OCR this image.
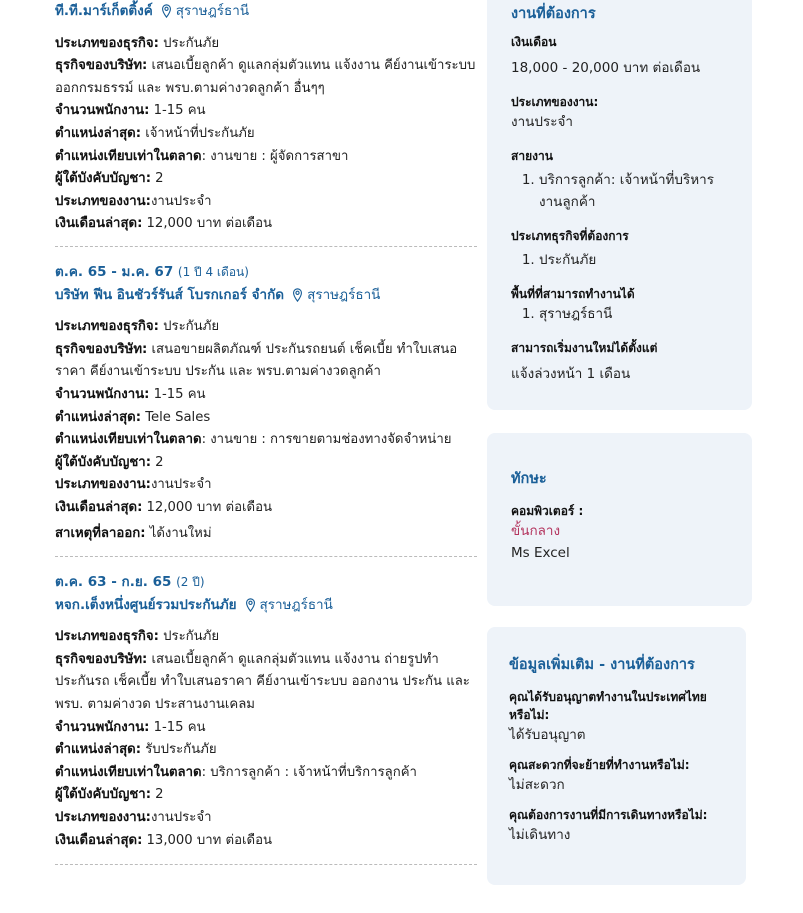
ที.ที.มาร์เก็ตติ้งค์ สุราษฎร์ธานี

ประเภทของธุรกิจ: ประกันภัย

ธุรกิจของบริษัท: เสนอเบี้ยลูกค้า ดูแลกลุ่มตัวแทน แจ้งงาน คีย์งานเข้าระบบ ออกกรมธรรม์ และ พรบ.ตามค่างวดลูกค้า อื่นๆๆ

จำนวนพนักงาน: 1-15 คน

ตำแหน่งล่าสุด: เจ้าหน้าที่ประกันภัย

ตำแหน่งเทียบเท่าในตลาด: งานขาย : ผู้จัดการสาขา

ผู้ใต้บังคับบัญชา: 2

ประเภทของงาน:งานประจำ

เงินเดือนล่าสุด: 12,000 บาท ต่อเดือน

ต.ค. 65 - ม.ค. 67 (1 ปี 4 เดือน)
บริษัท ฟีน อินชัวร์รันส์ โบรกเกอร์ จำกัด สุราษฎร์ธานี

ประเภทของธุรกิจ: ประกันภัย

ธุรกิจของบริษัท: เสนอขายผลิตภัณฑ์ ประกันรถยนต์ เช็คเบี้ย ทำใบเสนอราคา คีย์งานเข้าระบบ ประกัน และ พรบ.ตามค่างวดลูกค้า

จำนวนพนักงาน: 1-15 คน

ตำแหน่งล่าสุด: Tele Sales

ตำแหน่งเทียบเท่าในตลาด: งานขาย : การขายตามช่องทางจัดจำหน่าย

ผู้ใต้บังคับบัญชา: 2

ประเภทของงาน:งานประจำ

เงินเดือนล่าสุด: 12,000 บาท ต่อเดือน

สาเหตุที่ลาออก: ได้งานใหม่

ต.ค. 63 - ก.ย. 65 (2 ปี)
หจก.เต็งหนึ่งศูนย์รวมประกันภัย สุราษฎร์ธานี

ประเภทของธุรกิจ: ประกันภัย

ธุรกิจของบริษัท: เสนอเบี้ยลูกค้า ดูแลกลุ่มตัวแทน แจ้งงาน ถ่ายรูปทำประกันรถ เช็คเบี้ย ทำใบเสนอราคา คีย์งานเข้าระบบ ออกงาน ประกัน และ พรบ. ตามค่างวด ประสานงานเคลม

จำนวนพนักงาน: 1-15 คน

ตำแหน่งล่าสุด: รับประกันภัย

ตำแหน่งเทียบเท่าในตลาด: บริการลูกค้า : เจ้าหน้าที่บริการลูกค้า

ผู้ใต้บังคับบัญชา: 2

ประเภทของงาน:งานประจำ

เงินเดือนล่าสุด: 13,000 บาท ต่อเดือน

งานที่ต้องการ
เงินเดือน
18,000 - 20,000 บาท ต่อเดือน
ประเภทของงาน:
งานประจำ
สายงาน
1. บริการลูกค้า: เจ้าหน้าที่บริหารงานลูกค้า
ประเภทธุรกิจที่ต้องการ
1. ประกันภัย
พื้นที่ที่สามารถทำงานได้
1. สุราษฎร์ธานี
สามารถเริ่มงานใหม่ได้ตั้งแต่
แจ้งล่วงหน้า 1 เดือน
ทักษะ
คอมพิวเตอร์ :
ขั้นกลาง
Ms Excel
ข้อมูลเพิ่มเติม - งานที่ต้องการ
คุณได้รับอนุญาตทำงานในประเทศไทยหรือไม่:
ได้รับอนุญาต
คุณสะดวกที่จะย้ายที่ทำงานหรือไม่:
ไม่สะดวก
คุณต้องการงานที่มีการเดินทางหรือไม่:
ไม่เดินทาง
